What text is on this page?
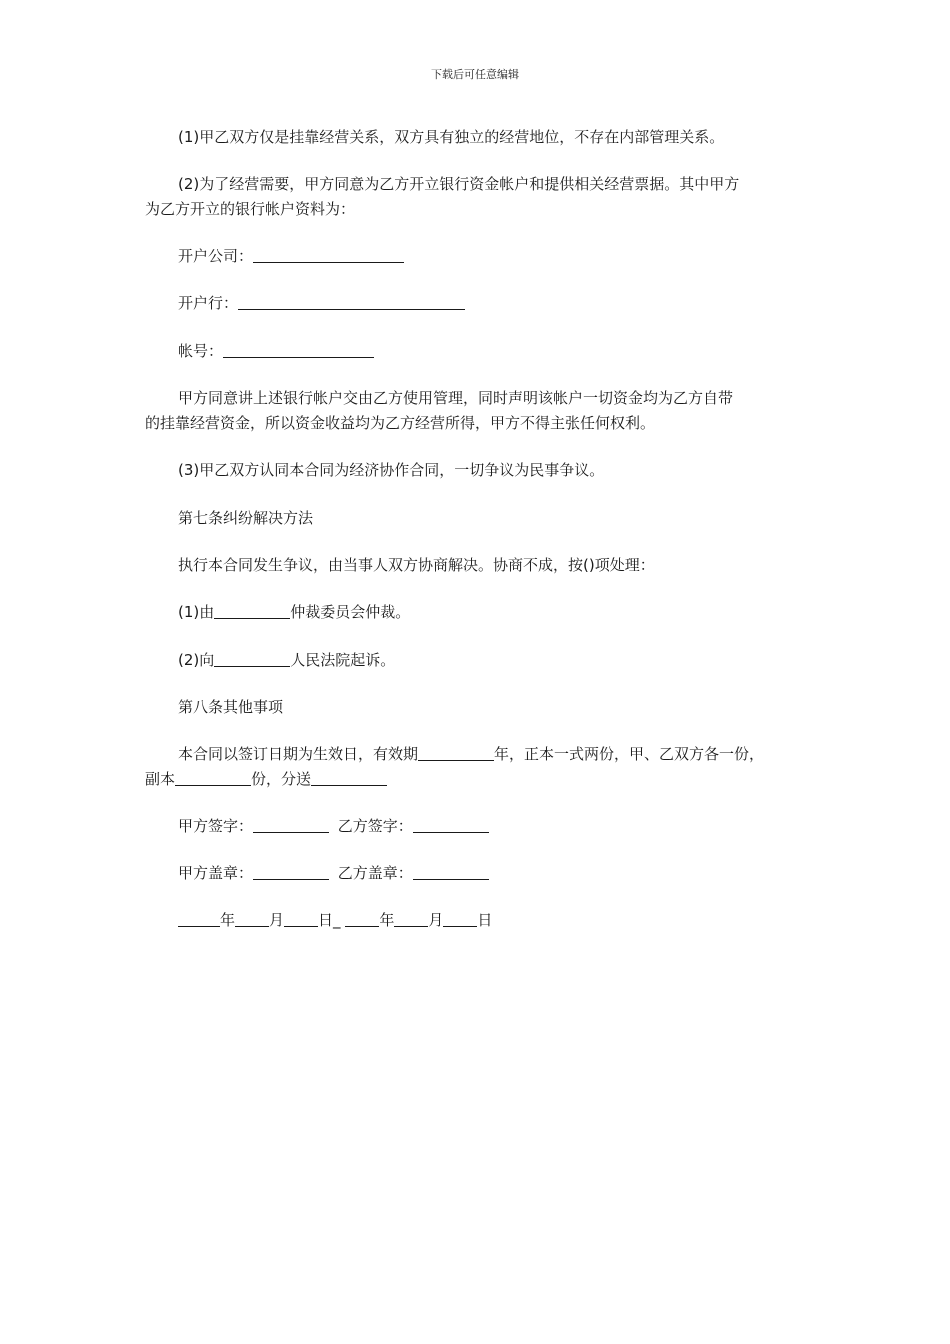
下载后可任意编辑
(1)甲乙双方仅是挂靠经营关系，双方具有独立的经营地位，不存在内部管理关系。
(2)为了经营需要，甲方同意为乙方开立银行资金帐户和提供相关经营票据。其中甲方
为乙方开立的银行帐户资料为：
开户公司：
开户行：
帐号：
甲方同意讲上述银行帐户交由乙方使用管理，同时声明该帐户一切资金均为乙方自带
的挂靠经营资金，所以资金收益均为乙方经营所得，甲方不得主张任何权利。
(3)甲乙双方认同本合同为经济协作合同，一切争议为民事争议。
第七条纠纷解决方法
执行本合同发生争议，由当事人双方协商解决。协商不成，按()项处理：
(1)由	仲裁委员会仲裁。
(2)向	人民法院起诉。
第八条其他事项
本合同以签订日期为生效日，有效期	年，正本一式两份，甲、乙双方各一份，
副本	份，分送
甲方签字：	乙方签字：
甲方盖章：	乙方盖章：
年 月 日_	年 月 日
